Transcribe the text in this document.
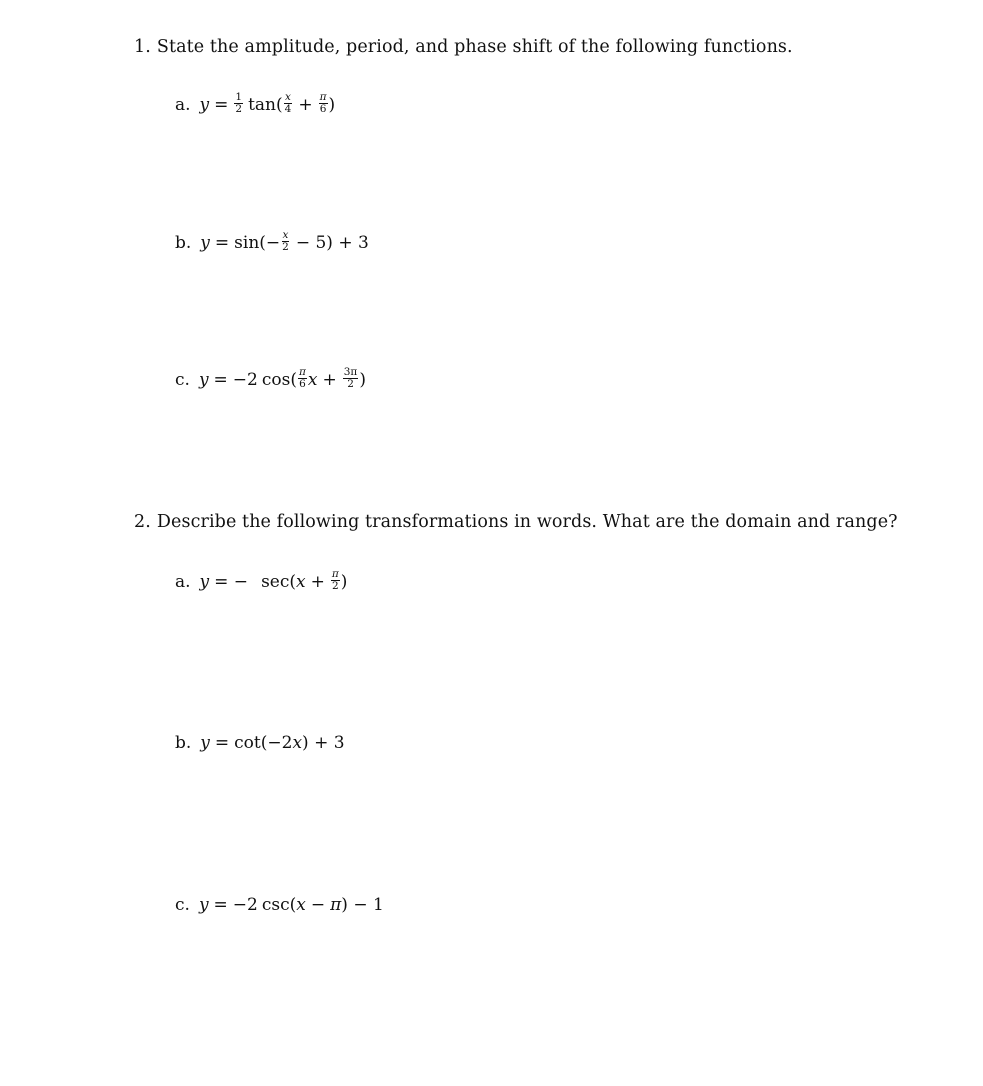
1. State the amplitude, period, and phase shift of the following functions.
a. $y = \frac{1}{2} \tan( \frac{x}{4} + \frac{\pi}{6}$ )
b. $y = \sin(- \frac{x}{2} - 5) + 3$
c. y = −2 $\cos( \frac{\pi}{6}$ $x + \frac{3\pi}{2}$ )
2. Describe the following transformations in words. What are the domain and range?
a. y = − sec( $x + \frac{\pi}{2}$ )
b. y = cot(−2 x ) + 3
c. y = −2 csc( x − π ) − 1
